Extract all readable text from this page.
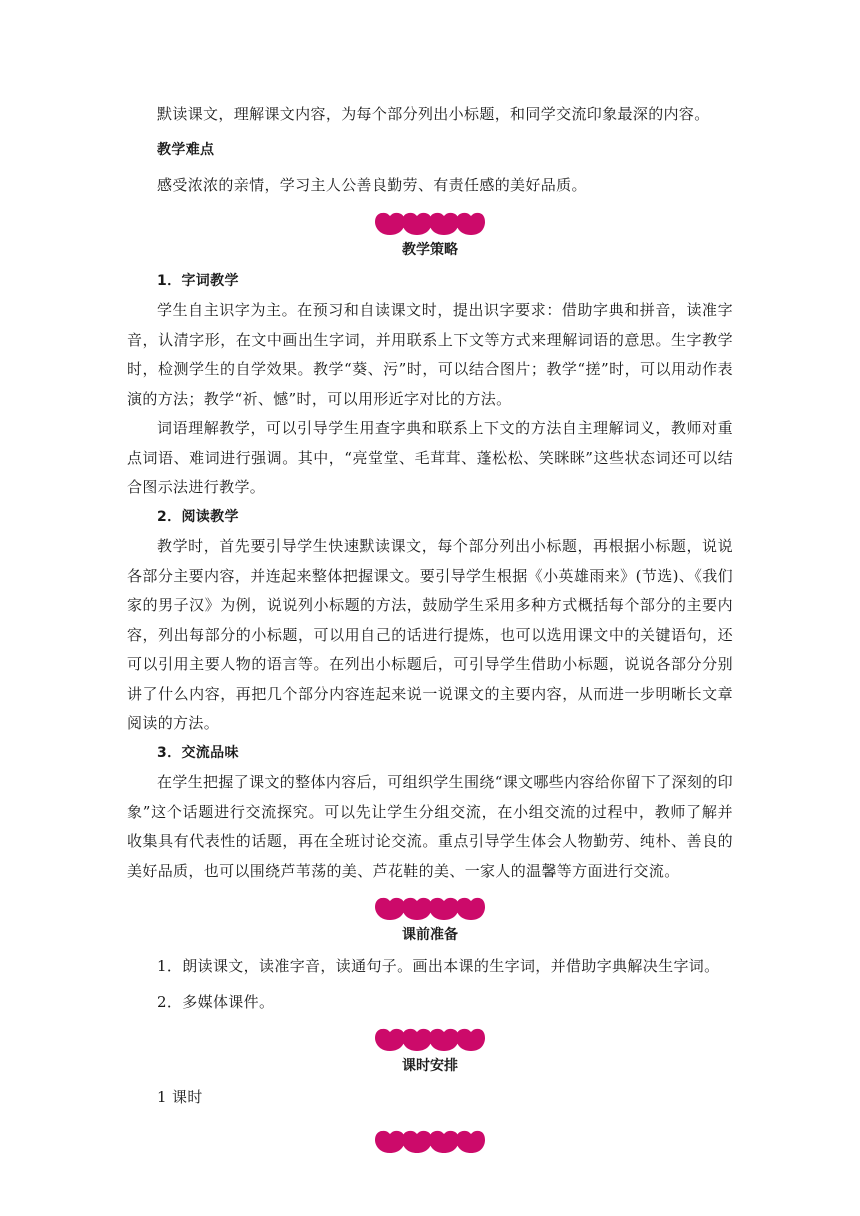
默读课文，理解课文内容，为每个部分列出小标题，和同学交流印象最深的内容。

教学难点

感受浓浓的亲情，学习主人公善良勤劳、有责任感的美好品质。

教学策略

1．字词教学

学生自主识字为主。在预习和自读课文时，提出识字要求：借助字典和拼音，读准字音，认清字形，在文中画出生字词，并用联系上下文等方式来理解词语的意思。生字教学时，检测学生的自学效果。教学“葵、污”时，可以结合图片；教学“搓”时，可以用动作表演的方法；教学“祈、憾”时，可以用形近字对比的方法。

词语理解教学，可以引导学生用查字典和联系上下文的方法自主理解词义，教师对重点词语、难词进行强调。其中，“亮堂堂、毛茸茸、蓬松松、笑眯眯”这些状态词还可以结合图示法进行教学。

2．阅读教学

教学时，首先要引导学生快速默读课文，每个部分列出小标题，再根据小标题，说说各部分主要内容，并连起来整体把握课文。要引导学生根据《小英雄雨来》(节选)、《我们家的男子汉》为例，说说列小标题的方法，鼓励学生采用多种方式概括每个部分的主要内容，列出每部分的小标题，可以用自己的话进行提炼，也可以选用课文中的关键语句，还可以引用主要人物的语言等。在列出小标题后，可引导学生借助小标题，说说各部分分别讲了什么内容，再把几个部分内容连起来说一说课文的主要内容，从而进一步明晰长文章阅读的方法。

3．交流品味

在学生把握了课文的整体内容后，可组织学生围绕“课文哪些内容给你留下了深刻的印象”这个话题进行交流探究。可以先让学生分组交流，在小组交流的过程中，教师了解并收集具有代表性的话题，再在全班讨论交流。重点引导学生体会人物勤劳、纯朴、善良的美好品质，也可以围绕芦苇荡的美、芦花鞋的美、一家人的温馨等方面进行交流。

课前准备

1．朗读课文，读准字音，读通句子。画出本课的生字词，并借助字典解决生字词。

2．多媒体课件。

课时安排

1 课时
